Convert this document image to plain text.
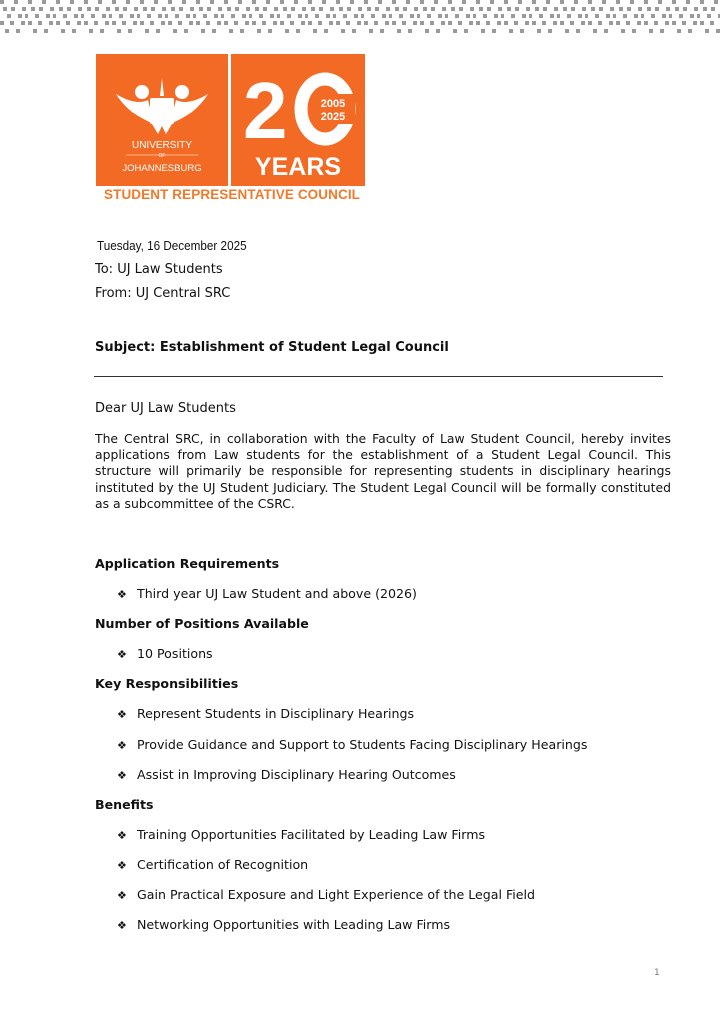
UNIVERSITY
OF
JOHANNESBURG
2	2005
2025
YEARS
STUDENT REPRESENTATIVE COUNCIL
Tuesday, 16 December 2025
To: UJ Law Students
From: UJ Central SRC
Subject: Establishment of Student Legal Council
Dear UJ Law Students
The Central SRC, in collaboration with the Faculty of Law Student Council, hereby invites applications from Law students for the establishment of a Student Legal Council. This structure will primarily be responsible for representing students in disciplinary hearings instituted by the UJ Student Judiciary. The Student Legal Council will be formally constituted as a subcommittee of the CSRC.
Application Requirements
❖ Third year UJ Law Student and above (2026)
Number of Positions Available
❖ 10 Positions
Key Responsibilities
❖ Represent Students in Disciplinary Hearings
❖ Provide Guidance and Support to Students Facing Disciplinary Hearings
❖ Assist in Improving Disciplinary Hearing Outcomes
Benefits
❖ Training Opportunities Facilitated by Leading Law Firms
❖ Certification of Recognition
❖ Gain Practical Exposure and Light Experience of the Legal Field
❖ Networking Opportunities with Leading Law Firms
1
